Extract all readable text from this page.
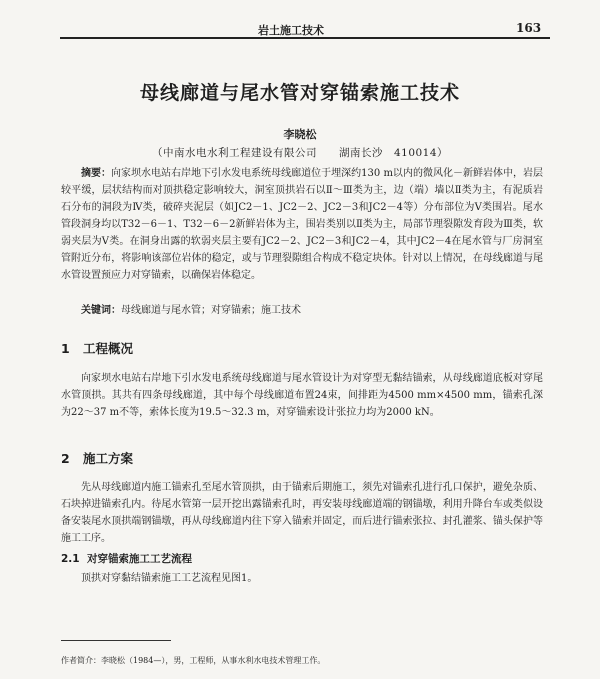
岩土施工技术	163
母线廊道与尾水管对穿锚索施工技术
李晓松
（中南水电水利工程建设有限公司　　湖南长沙　410014）
摘要：向家坝水电站右岸地下引水发电系统母线廊道位于埋深约130 m以内的微风化－新鲜岩体中，岩层较平缓，层状结构而对顶拱稳定影响较大，洞室顶拱岩石以Ⅱ～Ⅲ类为主，边（端）墙以Ⅱ类为主，有泥质岩石分布的洞段为Ⅳ类，破碎夹泥层（如JC2－1、JC2－2、JC2－3和JC2－4等）分布部位为Ⅴ类围岩。尾水管段洞身均以T32－6－1、T32－6－2新鲜岩体为主，围岩类别以Ⅱ类为主，局部节理裂隙发育段为Ⅲ类，软弱夹层为Ⅴ类。在洞身出露的软弱夹层主要有JC2－2、JC2－3和JC2－4，其中JC2－4在尾水管与厂房洞室管附近分布，将影响该部位岩体的稳定，或与节理裂隙组合构成不稳定块体。针对以上情况，在母线廊道与尾水管设置预应力对穿锚索，以确保岩体稳定。
关键词：母线廊道与尾水管；对穿锚索；施工技术
1 工程概况
向家坝水电站右岸地下引水发电系统母线廊道与尾水管设计为对穿型无黏结锚索，从母线廊道底板对穿尾水管顶拱。其共有四条母线廊道，其中每个母线廊道布置24束，间排距为4500 mm×4500 mm，锚索孔深为22～37 m不等，索体长度为19.5～32.3 m，对穿锚索设计张拉力均为2000 kN。
2 施工方案
先从母线廊道内施工锚索孔至尾水管顶拱，由于锚索后期施工，须先对锚索孔进行孔口保护，避免杂质、石块掉进锚索孔内。待尾水管第一层开挖出露锚索孔时，再安装母线廊道端的钢锚墩，利用升降台车或类似设备安装尾水顶拱端钢锚墩，再从母线廊道内往下穿入锚索并固定，而后进行锚索张拉、封孔灌浆、锚头保护等施工工序。
2.1 对穿锚索施工工艺流程
顶拱对穿黏结锚索施工工艺流程见图1。
作者简介：李晓松（1984—），男，工程师，从事水利水电技术管理工作。
